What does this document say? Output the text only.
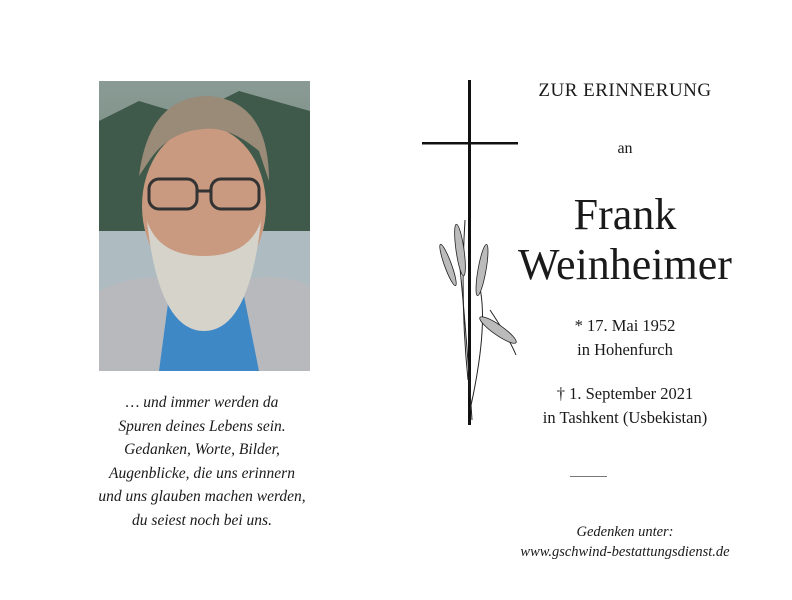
… und immer werden da
Spuren deines Lebens sein.
Gedanken, Worte, Bilder,
Augenblicke, die uns erinnern
und uns glauben machen werden,
du seiest noch bei uns.
ZUR ERINNERUNG
an
Frank
Weinheimer
* 17. Mai 1952
in Hohenfurch
† 1. September 2021
in Tashkent (Usbekistan)
Gedenken unter:
www.gschwind-bestattungsdienst.de
